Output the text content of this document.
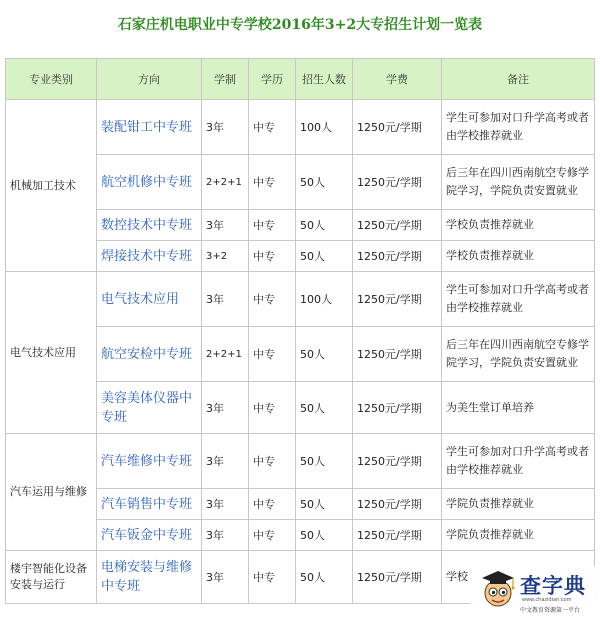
石家庄机电职业中专学校2016年3+2大专招生计划一览表
专业类别	方向	学制	学历	招生人数	学费	备注
机械加工技术	装配钳工中专班	3年	中专	100人	1250元/学期	学生可参加对口升学高考或者由学校推荐就业
	航空机修中专班	2+2+1	中专	50人	1250元/学期	后三年在四川西南航空专修学院学习，学院负责安置就业
	数控技术中专班	3年	中专	50人	1250元/学期	学校负责推荐就业
	焊接技术中专班	3+2	中专	50人	1250元/学期	学校负责推荐就业
电气技术应用	电气技术应用	3年	中专	100人	1250元/学期	学生可参加对口升学高考或者由学校推荐就业
	航空安检中专班	2+2+1	中专	50人	1250元/学期	后三年在四川西南航空专修学院学习，学院负责安置就业
	美容美体仪器中专班	3年	中专	50人	1250元/学期	为美生堂订单培养
汽车运用与维修	汽车维修中专班	3年	中专	50人	1250元/学期	学生可参加对口升学高考或者由学校推荐就业
	汽车销售中专班	3年	中专	50人	1250元/学期	学院负责推荐就业
	汽车钣金中专班	3年	中专	50人	1250元/学期	学院负责推荐就业
楼宇智能化设备安装与运行	电梯安装与维修中专班	3年	中专	50人	1250元/学期	学校 查字典
www.chazidian.com
中文教育资源第一平台
